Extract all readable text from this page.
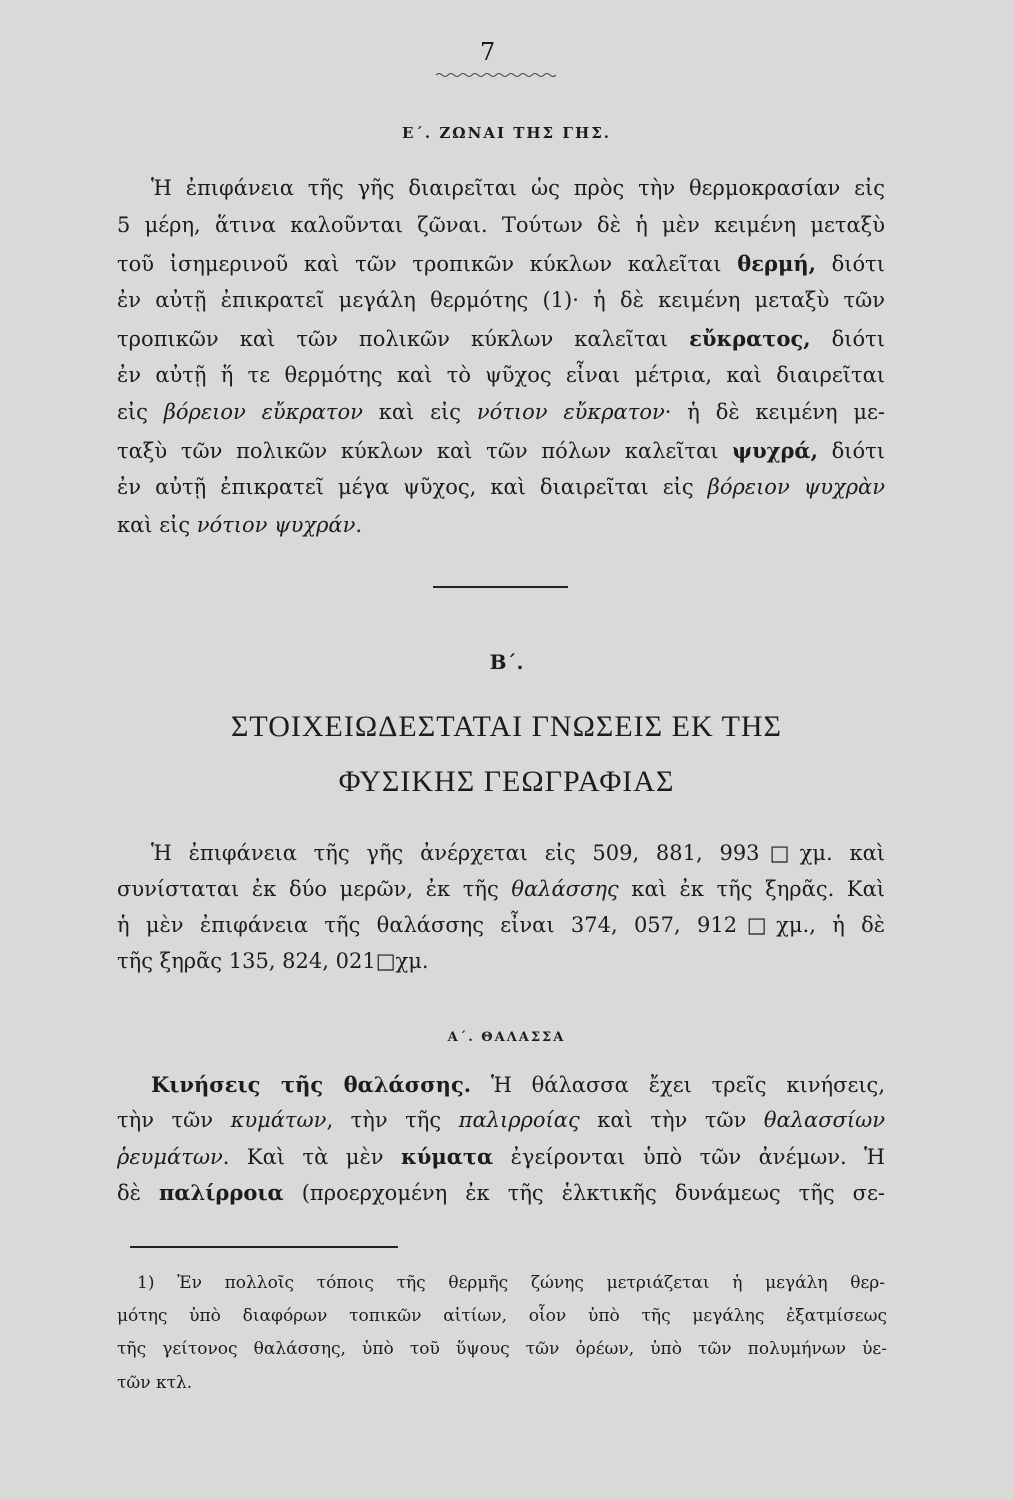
7
Ε΄. ΖΩΝΑΙ ΤΗΣ ΓΗΣ.
Ἡ ἐπιφάνεια τῆς γῆς διαιρεῖται ὡς πρὸς τὴν θερμοκρασίαν εἰς
5 μέρη, ἅτινα καλοῦνται ζῶναι. Τούτων δὲ ἡ μὲν κειμένη μεταξὺ
τοῦ ἰσημερινοῦ καὶ τῶν τροπικῶν κύκλων καλεῖται θερμή, διότι
ἐν αὐτῇ ἐπικρατεῖ μεγάλη θερμότης (1)· ἡ δὲ κειμένη μεταξὺ τῶν
τροπικῶν καὶ τῶν πολικῶν κύκλων καλεῖται εὔκρατος, διότι
ἐν αὐτῇ ἥ τε θερμότης καὶ τὸ ψῦχος εἶναι μέτρια, καὶ διαιρεῖται
εἰς βόρειον εὔκρατον καὶ εἰς νότιον εὔκρατον· ἡ δὲ κειμένη με-
ταξὺ τῶν πολικῶν κύκλων καὶ τῶν πόλων καλεῖται ψυχρά, διότι
ἐν αὐτῇ ἐπικρατεῖ μέγα ψῦχος, καὶ διαιρεῖται εἰς βόρειον ψυχρὰν
καὶ εἰς νότιον ψυχράν.
Β΄.
ΣΤΟΙΧΕΙΩΔΕΣΤΑΤΑΙ ΓΝΩΣΕΙΣ ΕΚ ΤΗΣ
ΦΥΣΙΚΗΣ ΓΕΩΓΡΑΦΙΑΣ
Ἡ ἐπιφάνεια τῆς γῆς ἀνέρχεται εἰς 509, 881, 993□χμ. καὶ
συνίσταται ἐκ δύο μερῶν, ἐκ τῆς θαλάσσης καὶ ἐκ τῆς ξηρᾶς. Καὶ
ἡ μὲν ἐπιφάνεια τῆς θαλάσσης εἶναι 374, 057, 912□χμ., ἡ δὲ
τῆς ξηρᾶς 135, 824, 021□χμ.
Α΄. ΘΑΛΑΣΣΑ
Κινήσεις τῆς θαλάσσης. Ἡ θάλασσα ἔχει τρεῖς κινήσεις,
τὴν τῶν κυμάτων, τὴν τῆς παλιρροίας καὶ τὴν τῶν θαλασσίων
ῥευμάτων. Καὶ τὰ μὲν κύματα ἐγείρονται ὑπὸ τῶν ἀνέμων. Ἡ
δὲ παλίρροια (προερχομένη ἐκ τῆς ἑλκτικῆς δυνάμεως τῆς σε-
1) Ἐν πολλοῖς τόποις τῆς θερμῆς ζώνης μετριάζεται ἡ μεγάλη θερ-
μότης ὑπὸ διαφόρων τοπικῶν αἰτίων, οἷον ὑπὸ τῆς μεγάλης ἐξατμίσεως
τῆς γείτονος θαλάσσης, ὑπὸ τοῦ ὕψους τῶν ὀρέων, ὑπὸ τῶν πολυμήνων ὑε-
τῶν κτλ.
